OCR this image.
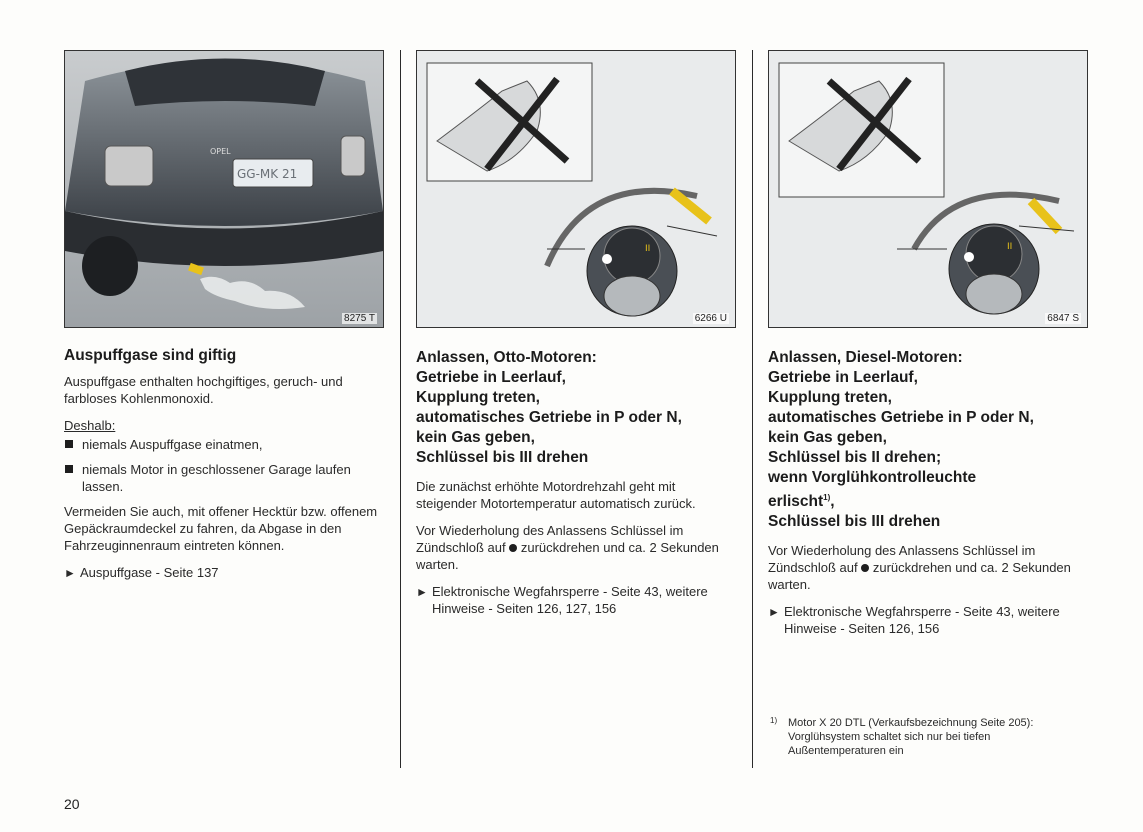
GG-MK 21
OPEL
8275 T
Auspuffgase sind giftig

Auspuffgase enthalten hochgiftiges, geruch- und farbloses Kohlenmonoxid.

Deshalb:

niemals Auspuffgase einatmen,
niemals Motor in geschlossener Garage laufen lassen.

Vermeiden Sie auch, mit offener Hecktür bzw. offenem Gepäckraumdeckel zu fahren, da Abgase in den Fahrzeuginnenraum eintreten können.

► Auspuffgase - Seite 137
II
6266 U
Anlassen, Otto-Motoren:
Getriebe in Leerlauf,
Kupplung treten,
automatisches Getriebe in P oder N,
kein Gas geben,
Schlüssel bis III drehen

Die zunächst erhöhte Motordrehzahl geht mit steigender Motortemperatur automatisch zurück.

Vor Wiederholung des Anlassens Schlüssel im Zündschloß auf zurückdrehen und ca. 2 Sekunden warten.

► Elektronische Wegfahrsperre - Seite 43, weitere Hinweise - Seiten 126, 127, 156
II
6847 S
Anlassen, Diesel-Motoren:
Getriebe in Leerlauf,
Kupplung treten,
automatisches Getriebe in P oder N,
kein Gas geben,
Schlüssel bis II drehen;
wenn Vorglühkontrolleuchte
erlischt$^{1)}$,
Schlüssel bis III drehen

Vor Wiederholung des Anlassens Schlüssel im Zündschloß auf zurückdrehen und ca. 2 Sekunden warten.

► Elektronische Wegfahrsperre - Seite 43, weitere Hinweise - Seiten 126, 156
1) Motor X 20 DTL (Verkaufsbezeichnung Seite 205): Vorglühsystem schaltet sich nur bei tiefen Außentemperaturen ein
20
